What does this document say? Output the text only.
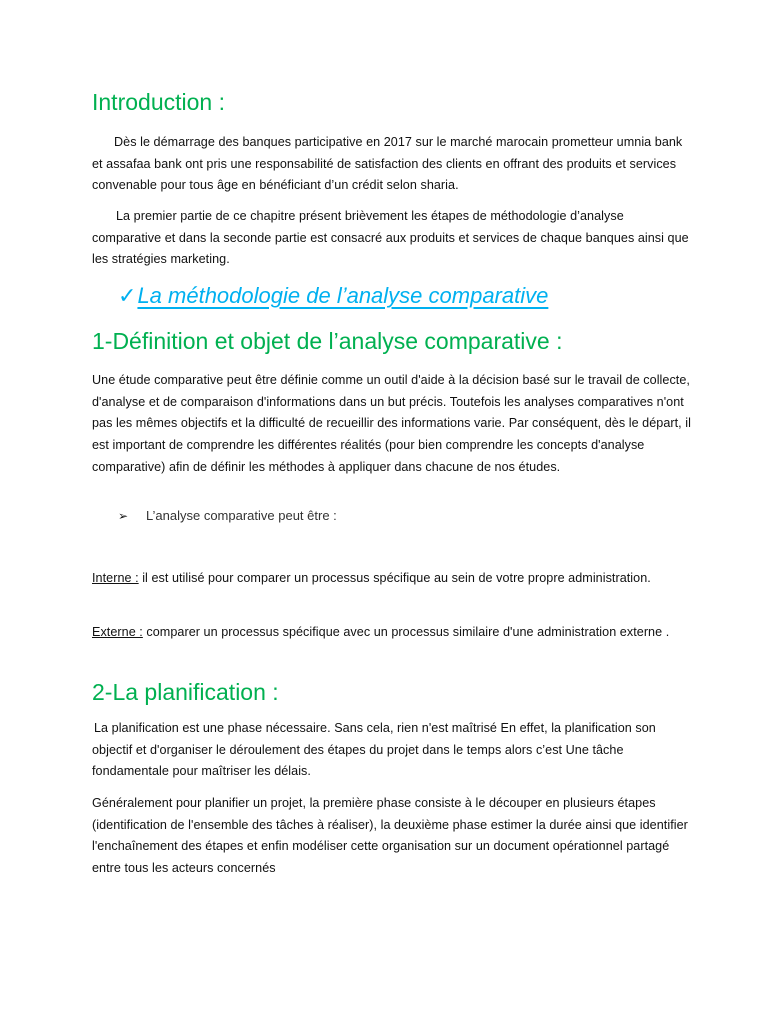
Introduction :

Dès le démarrage des banques participative en 2017 sur le marché marocain prometteur umnia bank et assafaa bank ont pris une responsabilité de satisfaction des clients en offrant des produits et services convenable pour tous âge en bénéficiant d’un crédit selon sharia.

La premier partie de ce chapitre présent brièvement les étapes de méthodologie d’analyse comparative et dans la seconde partie est consacré aux produits et services de chaque banques ainsi que les stratégies marketing.

✓La méthodologie de l’analyse comparative
1-Définition et objet de l’analyse comparative :

Une étude comparative peut être définie comme un outil d'aide à la décision basé sur le travail de collecte, d'analyse et de comparaison d'informations dans un but précis. Toutefois les analyses comparatives n'ont pas les mêmes objectifs et la difficulté de recueillir des informations varie. Par conséquent, dès le départ, il est important de comprendre les différentes réalités (pour bien comprendre les concepts d'analyse comparative) afin de définir les méthodes à appliquer dans chacune de nos études.

➢ L’analyse comparative peut être :

Interne : il est utilisé pour comparer un processus spécifique au sein de votre propre administration.

Externe : comparer un processus spécifique avec un processus similaire d'une administration externe .

2-La planification :

La planification est une phase nécessaire. Sans cela, rien n'est maîtrisé En effet, la planification son objectif et d'organiser le déroulement des étapes du projet dans le temps alors c’est Une tâche fondamentale pour maîtriser les délais.

Généralement pour planifier un projet, la première phase consiste à le découper en plusieurs étapes (identification de l'ensemble des tâches à réaliser), la deuxième phase estimer la durée ainsi que identifier l'enchaînement des étapes et enfin modéliser cette organisation sur un document opérationnel partagé entre tous les acteurs concernés
